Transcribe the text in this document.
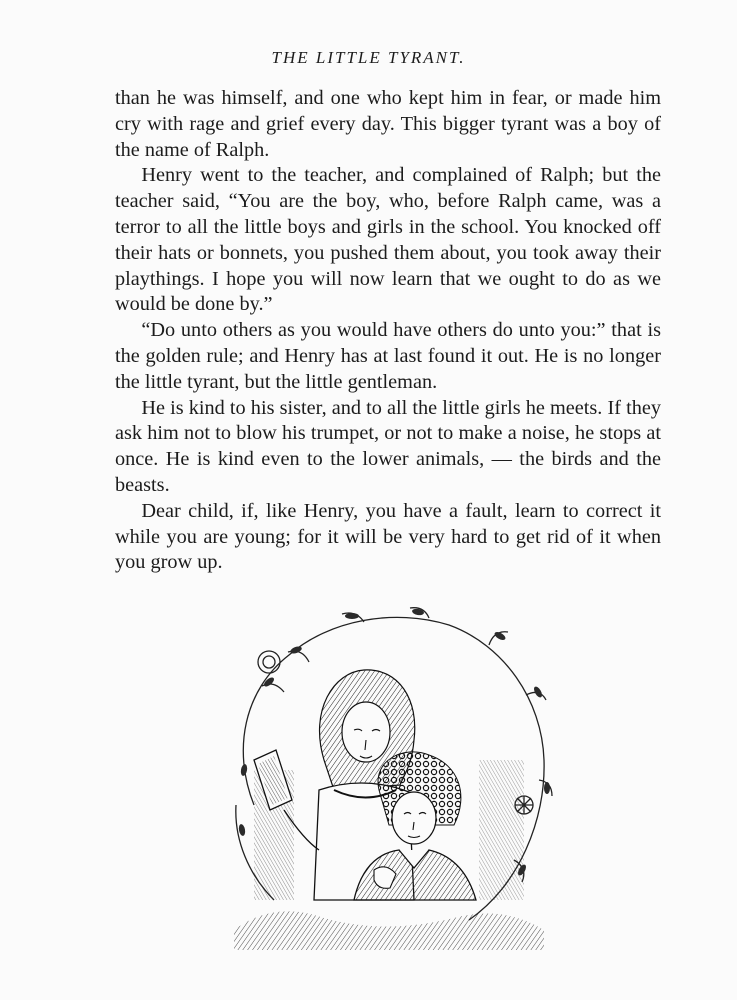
THE LITTLE TYRANT.

than he was himself, and one who kept him in fear, or made him cry with rage and grief every day. This bigger tyrant was a boy of the name of Ralph.

Henry went to the teacher, and complained of Ralph; but the teacher said, “You are the boy, who, before Ralph came, was a terror to all the little boys and girls in the school. You knocked off their hats or bonnets, you pushed them about, you took away their playthings. I hope you will now learn that we ought to do as we would be done by.”

“Do unto others as you would have others do unto you:” that is the golden rule; and Henry has at last found it out. He is no longer the little tyrant, but the little gentleman.

He is kind to his sister, and to all the little girls he meets. If they ask him not to blow his trumpet, or not to make a noise, he stops at once. He is kind even to the lower animals, — the birds and the beasts.

Dear child, if, like Henry, you have a fault, learn to correct it while you are young; for it will be very hard to get rid of it when you grow up.
